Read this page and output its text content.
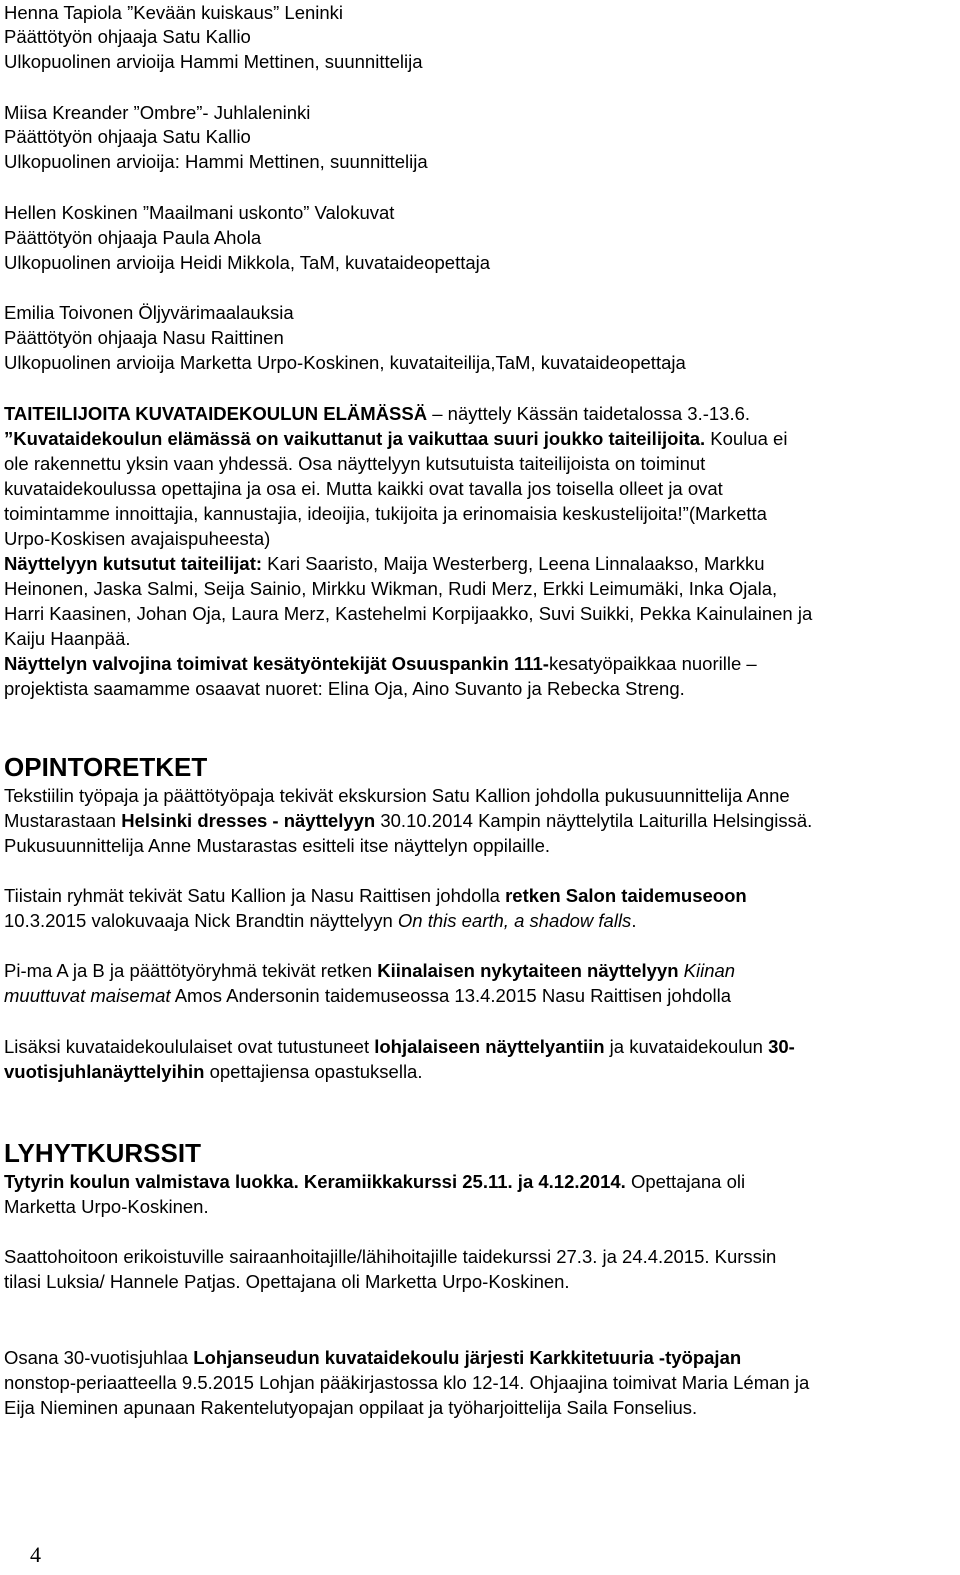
Henna Tapiola ”Kevään kuiskaus” Leninki
Päättötyön ohjaaja Satu Kallio
Ulkopuolinen arvioija Hammi Mettinen, suunnittelija
Miisa Kreander ”Ombre”- Juhlaleninki
Päättötyön ohjaaja Satu Kallio
Ulkopuolinen arvioija: Hammi Mettinen, suunnittelija
Hellen Koskinen ”Maailmani uskonto” Valokuvat
Päättötyön ohjaaja Paula Ahola
Ulkopuolinen arvioija Heidi Mikkola, TaM, kuvataideopettaja
Emilia Toivonen Öljyvärimaalauksia
Päättötyön ohjaaja Nasu Raittinen
Ulkopuolinen arvioija Marketta Urpo-Koskinen, kuvataiteilija,TaM, kuvataideopettaja
TAITEILIJOITA KUVATAIDEKOULUN ELÄMÄSSÄ – näyttely Kässän taidetalossa 3.-13.6.
”Kuvataidekoulun elämässä on vaikuttanut ja vaikuttaa suuri joukko taiteilijoita. Koulua ei
ole rakennettu yksin vaan yhdessä. Osa näyttelyyn kutsutuista taiteilijoista on toiminut
kuvataidekoulussa opettajina ja osa ei. Mutta kaikki ovat tavalla jos toisella olleet ja ovat
toimintamme innoittajia, kannustajia, ideoijia, tukijoita ja erinomaisia keskustelijoita!”(Marketta
Urpo-Koskisen avajaispuheesta)
Näyttelyyn kutsutut taiteilijat: Kari Saaristo, Maija Westerberg, Leena Linnalaakso, Markku
Heinonen, Jaska Salmi, Seija Sainio, Mirkku Wikman, Rudi Merz, Erkki Leimumäki, Inka Ojala,
Harri Kaasinen, Johan Oja, Laura Merz, Kastehelmi Korpijaakko, Suvi Suikki, Pekka Kainulainen ja
Kaiju Haanpää.
Näyttelyn valvojina toimivat kesätyöntekijät Osuuspankin 111-kesatyöpaikkaa nuorille –
projektista saamamme osaavat nuoret: Elina Oja, Aino Suvanto ja Rebecka Streng.
OPINTORETKET
Tekstiilin työpaja ja päättötyöpaja tekivät ekskursion Satu Kallion johdolla pukusuunnittelija Anne
Mustarastaan Helsinki dresses - näyttelyyn 30.10.2014 Kampin näyttelytila Laiturilla Helsingissä.
Pukusuunnittelija Anne Mustarastas esitteli itse näyttelyn oppilaille.
Tiistain ryhmät tekivät Satu Kallion ja Nasu Raittisen johdolla retken Salon taidemuseoon
10.3.2015 valokuvaaja Nick Brandtin näyttelyyn On this earth, a shadow falls.
Pi-ma A ja B ja päättötyöryhmä tekivät retken Kiinalaisen nykytaiteen näyttelyyn Kiinan
muuttuvat maisemat Amos Andersonin taidemuseossa 13.4.2015 Nasu Raittisen johdolla
Lisäksi kuvataidekoululaiset ovat tutustuneet lohjalaiseen näyttelyantiin ja kuvataidekoulun 30-
vuotisjuhlanäyttelyihin opettajiensa opastuksella.
LYHYTKURSSIT
Tytyrin koulun valmistava luokka. Keramiikkakurssi 25.11. ja 4.12.2014. Opettajana oli
Marketta Urpo-Koskinen.
Saattohoitoon erikoistuville sairaanhoitajille/lähihoitajille taidekurssi 27.3. ja 24.4.2015. Kurssin
tilasi Luksia/ Hannele Patjas. Opettajana oli Marketta Urpo-Koskinen.
Osana 30-vuotisjuhlaa Lohjanseudun kuvataidekoulu järjesti Karkkitetuuria -työpajan
nonstop-periaatteella 9.5.2015 Lohjan pääkirjastossa klo 12-14. Ohjaajina toimivat Maria Léman ja
Eija Nieminen apunaan Rakentelutyopajan oppilaat ja työharjoittelija Saila Fonselius.
4
